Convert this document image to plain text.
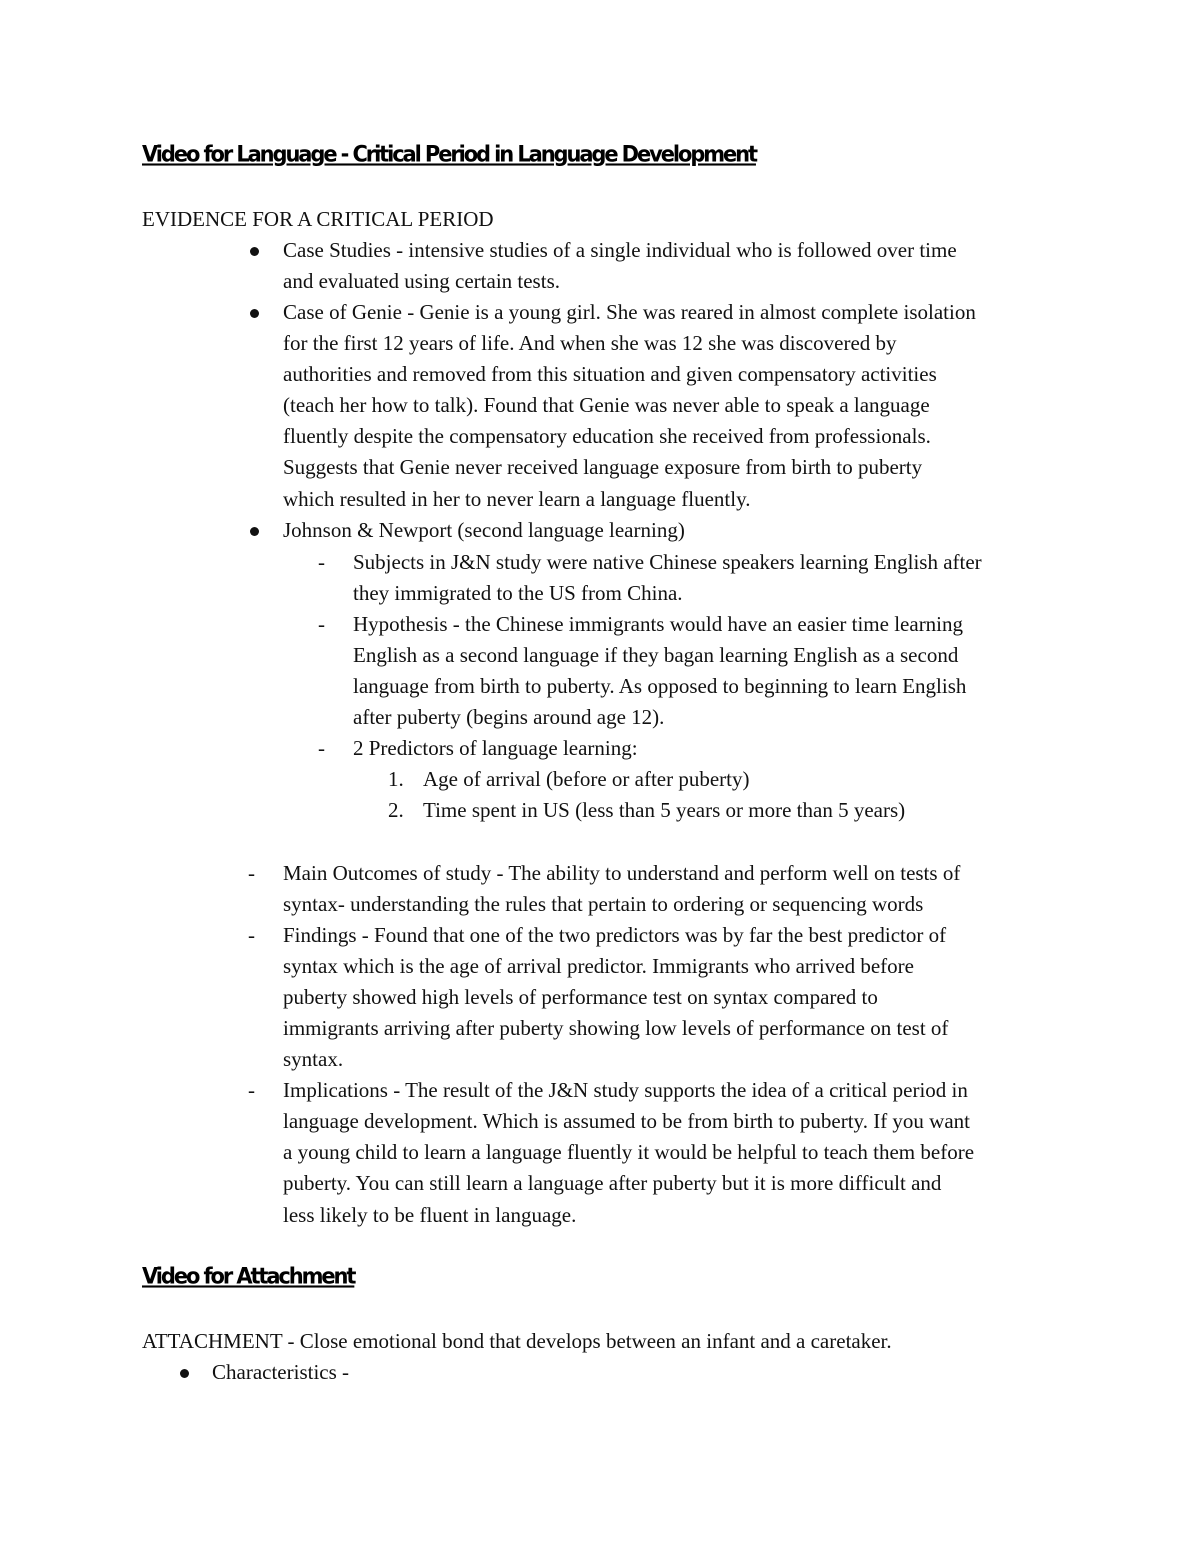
Video for Language - Critical Period in Language Development

EVIDENCE FOR A CRITICAL PERIOD

Case Studies - intensive studies of a single individual who is followed over time

and evaluated using certain tests.

Case of Genie - Genie is a young girl. She was reared in almost complete isolation

for the first 12 years of life. And when she was 12 she was discovered by

authorities and removed from this situation and given compensatory activities

(teach her how to talk). Found that Genie was never able to speak a language

fluently despite the compensatory education she received from professionals.

Suggests that Genie never received language exposure from birth to puberty

which resulted in her to never learn a language fluently.

Johnson & Newport (second language learning)

- Subjects in J&N study were native Chinese speakers learning English after

they immigrated to the US from China.

- Hypothesis - the Chinese immigrants would have an easier time learning

English as a second language if they bagan learning English as a second

language from birth to puberty. As opposed to beginning to learn English

after puberty (begins around age 12).

- 2 Predictors of language learning:

1. Age of arrival (before or after puberty)

2. Time spent in US (less than 5 years or more than 5 years)

- Main Outcomes of study - The ability to understand and perform well on tests of

syntax- understanding the rules that pertain to ordering or sequencing words

- Findings - Found that one of the two predictors was by far the best predictor of

syntax which is the age of arrival predictor. Immigrants who arrived before

puberty showed high levels of performance test on syntax compared to

immigrants arriving after puberty showing low levels of performance on test of

syntax.

- Implications - The result of the J&N study supports the idea of a critical period in

language development. Which is assumed to be from birth to puberty. If you want

a young child to learn a language fluently it would be helpful to teach them before

puberty. You can still learn a language after puberty but it is more difficult and

less likely to be fluent in language.

Video for Attachment

ATTACHMENT - Close emotional bond that develops between an infant and a caretaker.

Characteristics -
